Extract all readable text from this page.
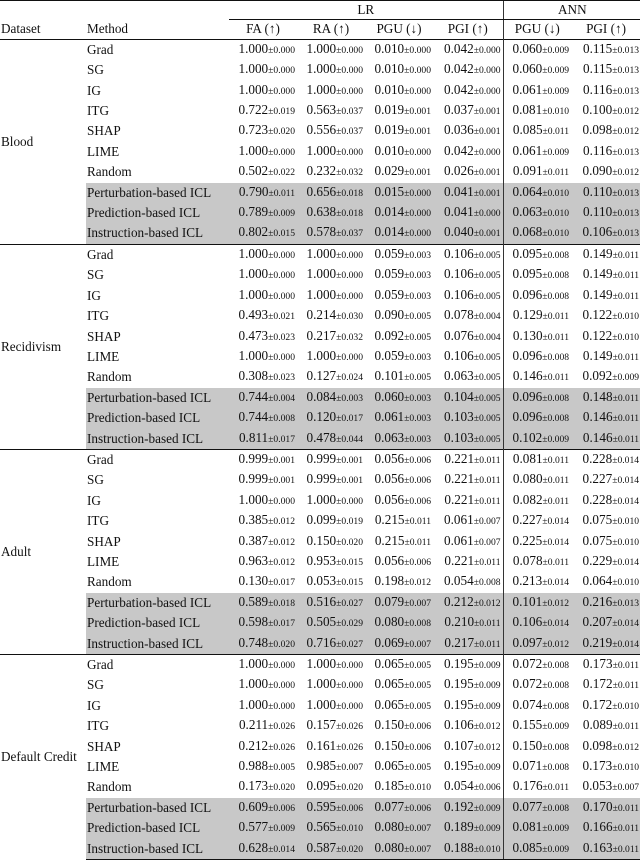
		LR				ANN	
Dataset	Method	FA (↑)	RA (↑)	PGU (↓)	PGI (↑)	PGU (↓)	PGI (↑)
Blood	Grad	1.000±0.000	1.000±0.000	0.010±0.000	0.042±0.000	0.060±0.009	0.115±0.013
	SG	1.000±0.000	1.000±0.000	0.010±0.000	0.042±0.000	0.060±0.009	0.115±0.013
	IG	1.000±0.000	1.000±0.000	0.010±0.000	0.042±0.000	0.061±0.009	0.116±0.013
	ITG	0.722±0.019	0.563±0.037	0.019±0.001	0.037±0.001	0.081±0.010	0.100±0.012
	SHAP	0.723±0.020	0.556±0.037	0.019±0.001	0.036±0.001	0.085±0.011	0.098±0.012
	LIME	1.000±0.000	1.000±0.000	0.010±0.000	0.042±0.000	0.061±0.009	0.116±0.013
	Random	0.502±0.022	0.232±0.032	0.029±0.001	0.026±0.001	0.091±0.011	0.090±0.012
	Perturbation-based ICL	0.790±0.011	0.656±0.018	0.015±0.000	0.041±0.001	0.064±0.010	0.110±0.013
	Prediction-based ICL	0.789±0.009	0.638±0.018	0.014±0.000	0.041±0.000	0.063±0.010	0.110±0.013
	Instruction-based ICL	0.802±0.015	0.578±0.037	0.014±0.000	0.040±0.001	0.068±0.010	0.106±0.013
Recidivism	Grad	1.000±0.000	1.000±0.000	0.059±0.003	0.106±0.005	0.095±0.008	0.149±0.011
	SG	1.000±0.000	1.000±0.000	0.059±0.003	0.106±0.005	0.095±0.008	0.149±0.011
	IG	1.000±0.000	1.000±0.000	0.059±0.003	0.106±0.005	0.096±0.008	0.149±0.011
	ITG	0.493±0.021	0.214±0.030	0.090±0.005	0.078±0.004	0.129±0.011	0.122±0.010
	SHAP	0.473±0.023	0.217±0.032	0.092±0.005	0.076±0.004	0.130±0.011	0.122±0.010
	LIME	1.000±0.000	1.000±0.000	0.059±0.003	0.106±0.005	0.096±0.008	0.149±0.011
	Random	0.308±0.023	0.127±0.024	0.101±0.005	0.063±0.005	0.146±0.011	0.092±0.009
	Perturbation-based ICL	0.744±0.004	0.084±0.003	0.060±0.003	0.104±0.005	0.096±0.008	0.148±0.011
	Prediction-based ICL	0.744±0.008	0.120±0.017	0.061±0.003	0.103±0.005	0.096±0.008	0.146±0.011
	Instruction-based ICL	0.811±0.017	0.478±0.044	0.063±0.003	0.103±0.005	0.102±0.009	0.146±0.011
Adult	Grad	0.999±0.001	0.999±0.001	0.056±0.006	0.221±0.011	0.081±0.011	0.228±0.014
	SG	0.999±0.001	0.999±0.001	0.056±0.006	0.221±0.011	0.080±0.011	0.227±0.014
	IG	1.000±0.000	1.000±0.000	0.056±0.006	0.221±0.011	0.082±0.011	0.228±0.014
	ITG	0.385±0.012	0.099±0.019	0.215±0.011	0.061±0.007	0.227±0.014	0.075±0.010
	SHAP	0.387±0.012	0.150±0.020	0.215±0.011	0.061±0.007	0.225±0.014	0.075±0.010
	LIME	0.963±0.012	0.953±0.015	0.056±0.006	0.221±0.011	0.078±0.011	0.229±0.014
	Random	0.130±0.017	0.053±0.015	0.198±0.012	0.054±0.008	0.213±0.014	0.064±0.010
	Perturbation-based ICL	0.589±0.018	0.516±0.027	0.079±0.007	0.212±0.012	0.101±0.012	0.216±0.013
	Prediction-based ICL	0.598±0.017	0.505±0.029	0.080±0.008	0.210±0.011	0.106±0.014	0.207±0.014
	Instruction-based ICL	0.748±0.020	0.716±0.027	0.069±0.007	0.217±0.011	0.097±0.012	0.219±0.014
Default Credit	Grad	1.000±0.000	1.000±0.000	0.065±0.005	0.195±0.009	0.072±0.008	0.173±0.011
	SG	1.000±0.000	1.000±0.000	0.065±0.005	0.195±0.009	0.072±0.008	0.172±0.011
	IG	1.000±0.000	1.000±0.000	0.065±0.005	0.195±0.009	0.074±0.008	0.172±0.010
	ITG	0.211±0.026	0.157±0.026	0.150±0.006	0.106±0.012	0.155±0.009	0.089±0.011
	SHAP	0.212±0.026	0.161±0.026	0.150±0.006	0.107±0.012	0.150±0.008	0.098±0.012
	LIME	0.988±0.005	0.985±0.007	0.065±0.005	0.195±0.009	0.071±0.008	0.173±0.010
	Random	0.173±0.020	0.095±0.020	0.185±0.010	0.054±0.006	0.176±0.011	0.053±0.007
	Perturbation-based ICL	0.609±0.006	0.595±0.006	0.077±0.006	0.192±0.009	0.077±0.008	0.170±0.011
	Prediction-based ICL	0.577±0.009	0.565±0.010	0.080±0.007	0.189±0.009	0.081±0.009	0.166±0.011
	Instruction-based ICL	0.628±0.014	0.587±0.020	0.080±0.007	0.188±0.010	0.085±0.009	0.163±0.011
